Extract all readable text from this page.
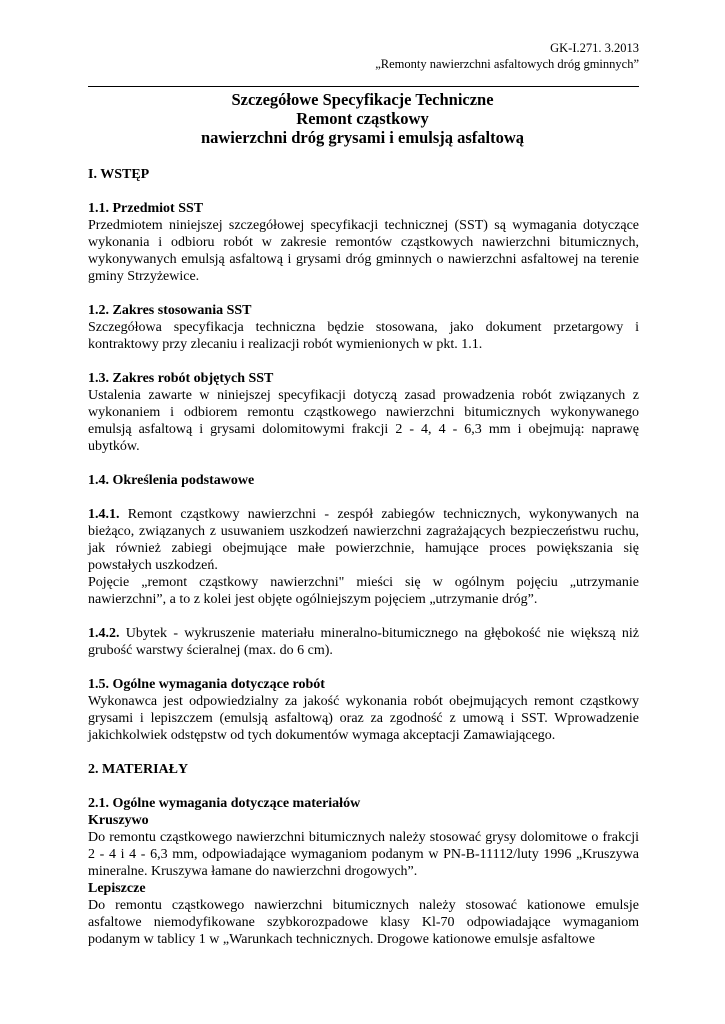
GK-I.271. 3.2013
„Remonty nawierzchni asfaltowych dróg gminnych”
Szczegółowe Specyfikacje Techniczne
Remont cząstkowy
nawierzchni dróg grysami i emulsją asfaltową

I. WSTĘP

1.1. Przedmiot SST

Przedmiotem niniejszej szczegółowej specyfikacji technicznej (SST) są wymagania dotyczące wykonania i odbioru robót w zakresie remontów cząstkowych nawierzchni bitumicznych, wykonywanych emulsją asfaltową i grysami dróg gminnych o nawierzchni asfaltowej na terenie gminy Strzyżewice.

1.2. Zakres stosowania SST

Szczegółowa specyfikacja techniczna będzie stosowana, jako dokument przetargowy i kontraktowy przy zlecaniu i realizacji robót wymienionych w pkt. 1.1.

1.3. Zakres robót objętych SST

Ustalenia zawarte w niniejszej specyfikacji dotyczą zasad prowadzenia robót związanych z wykonaniem i odbiorem remontu cząstkowego nawierzchni bitumicznych wykonywanego emulsją asfaltową i grysami dolomitowymi frakcji 2 - 4, 4 - 6,3 mm i obejmują: naprawę ubytków.

1.4. Określenia podstawowe

1.4.1. Remont cząstkowy nawierzchni - zespół zabiegów technicznych, wykonywanych na bieżąco, związanych z usuwaniem uszkodzeń nawierzchni zagrażających bezpieczeństwu ruchu, jak również zabiegi obejmujące małe powierzchnie, hamujące proces powiększania się powstałych uszkodzeń.

Pojęcie „remont cząstkowy nawierzchni" mieści się w ogólnym pojęciu „utrzymanie nawierzchni”, a to z kolei jest objęte ogólniejszym pojęciem „utrzymanie dróg”.

1.4.2. Ubytek - wykruszenie materiału mineralno-bitumicznego na głębokość nie większą niż grubość warstwy ścieralnej (max. do 6 cm).

1.5. Ogólne wymagania dotyczące robót

Wykonawca jest odpowiedzialny za jakość wykonania robót obejmujących remont cząstkowy grysami i lepiszczem (emulsją asfaltową) oraz za zgodność z umową i SST. Wprowadzenie jakichkolwiek odstępstw od tych dokumentów wymaga akceptacji Zamawiającego.

2. MATERIAŁY

2.1. Ogólne wymagania dotyczące materiałów

Kruszywo

Do remontu cząstkowego nawierzchni bitumicznych należy stosować grysy dolomitowe o frakcji 2 - 4 i 4 - 6,3 mm, odpowiadające wymaganiom podanym w PN-B-11112/luty 1996 „Kruszywa mineralne. Kruszywa łamane do nawierzchni drogowych”.

Lepiszcze

Do remontu cząstkowego nawierzchni bitumicznych należy stosować kationowe emulsje asfaltowe niemodyfikowane szybkorozpadowe klasy Kl-70 odpowiadające wymaganiom podanym w tablicy 1 w „Warunkach technicznych. Drogowe kationowe emulsje asfaltowe
